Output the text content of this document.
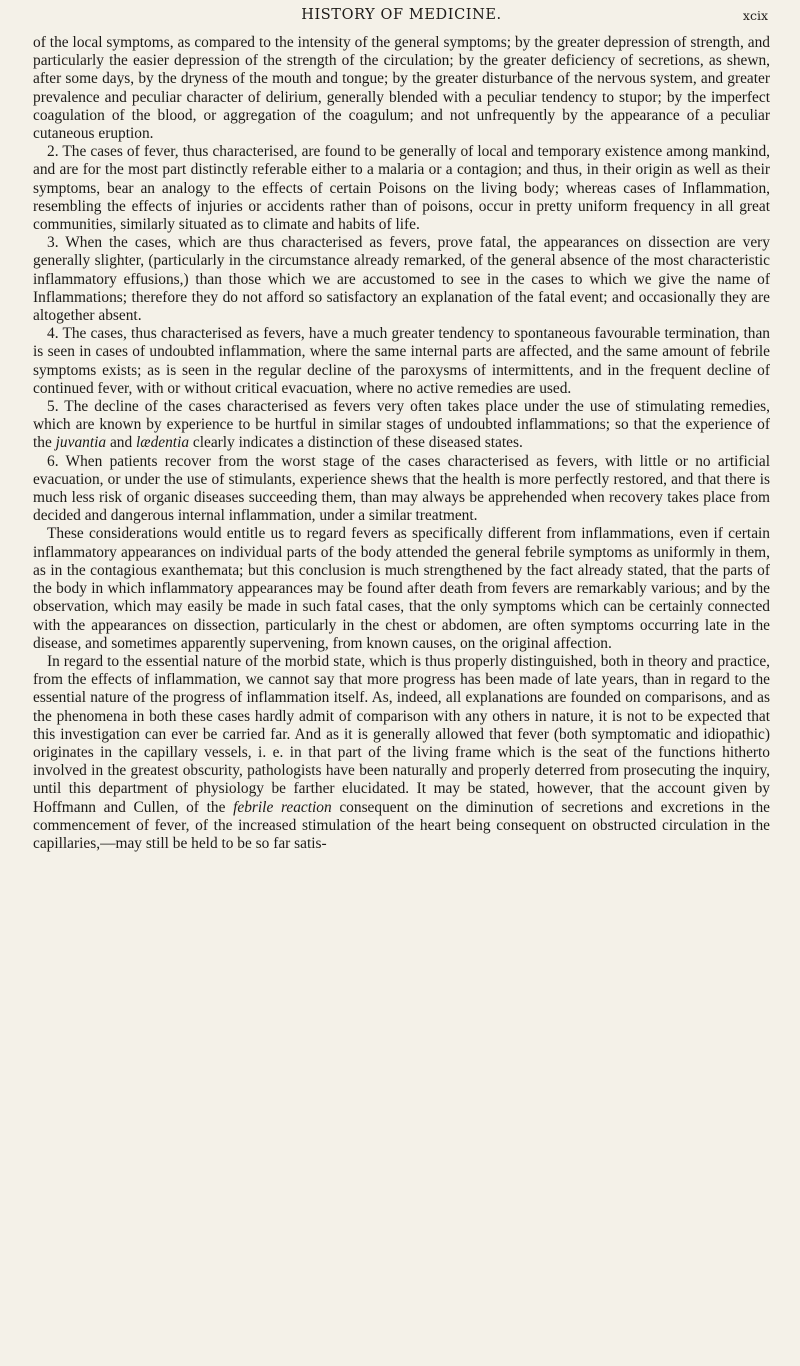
HISTORY OF MEDICINE.	xcix

of the local symptoms, as compared to the intensity of the general symptoms; by the greater depression of strength, and particularly the easier depression of the strength of the circulation; by the greater deficiency of secretions, as shewn, after some days, by the dryness of the mouth and tongue; by the greater disturbance of the nervous system, and greater prevalence and peculiar character of delirium, generally blended with a peculiar tendency to stupor; by the imperfect coagulation of the blood, or aggregation of the coagulum; and not unfrequently by the appearance of a peculiar cutaneous eruption.

2. The cases of fever, thus characterised, are found to be generally of local and temporary existence among mankind, and are for the most part distinctly referable either to a malaria or a contagion; and thus, in their origin as well as their symptoms, bear an analogy to the effects of certain Poisons on the living body; whereas cases of Inflammation, resembling the effects of injuries or accidents rather than of poisons, occur in pretty uniform frequency in all great communities, similarly situated as to climate and habits of life.

3. When the cases, which are thus characterised as fevers, prove fatal, the appearances on dissection are very generally slighter, (particularly in the circumstance already remarked, of the general absence of the most characteristic inflammatory effusions,) than those which we are accustomed to see in the cases to which we give the name of Inflammations; therefore they do not afford so satisfactory an explanation of the fatal event; and occasionally they are altogether absent.

4. The cases, thus characterised as fevers, have a much greater tendency to spontaneous favourable termination, than is seen in cases of undoubted inflammation, where the same internal parts are affected, and the same amount of febrile symptoms exists; as is seen in the regular decline of the paroxysms of intermittents, and in the frequent decline of continued fever, with or without critical evacuation, where no active remedies are used.

5. The decline of the cases characterised as fevers very often takes place under the use of stimulating remedies, which are known by experience to be hurtful in similar stages of undoubted inflammations; so that the experience of the juvantia and lædentia clearly indicates a distinction of these diseased states.

6. When patients recover from the worst stage of the cases characterised as fevers, with little or no artificial evacuation, or under the use of stimulants, experience shews that the health is more perfectly restored, and that there is much less risk of organic diseases succeeding them, than may always be apprehended when recovery takes place from decided and dangerous internal inflammation, under a similar treatment.

These considerations would entitle us to regard fevers as specifically different from inflammations, even if certain inflammatory appearances on individual parts of the body attended the general febrile symptoms as uniformly in them, as in the contagious exanthemata; but this conclusion is much strengthened by the fact already stated, that the parts of the body in which inflammatory appearances may be found after death from fevers are remarkably various; and by the observation, which may easily be made in such fatal cases, that the only symptoms which can be certainly connected with the appearances on dissection, particularly in the chest or abdomen, are often symptoms occurring late in the disease, and sometimes apparently supervening, from known causes, on the original affection.

In regard to the essential nature of the morbid state, which is thus properly distinguished, both in theory and practice, from the effects of inflammation, we cannot say that more progress has been made of late years, than in regard to the essential nature of the progress of inflammation itself. As, indeed, all explanations are founded on comparisons, and as the phenomena in both these cases hardly admit of comparison with any others in nature, it is not to be expected that this investigation can ever be carried far. And as it is generally allowed that fever (both symptomatic and idiopathic) originates in the capillary vessels, i. e. in that part of the living frame which is the seat of the functions hitherto involved in the greatest obscurity, pathologists have been naturally and properly deterred from prosecuting the inquiry, until this department of physiology be farther elucidated. It may be stated, however, that the account given by Hoffmann and Cullen, of the febrile reaction consequent on the diminution of secretions and excretions in the commencement of fever, of the increased stimulation of the heart being consequent on obstructed circulation in the capillaries,—may still be held to be so far satis-
